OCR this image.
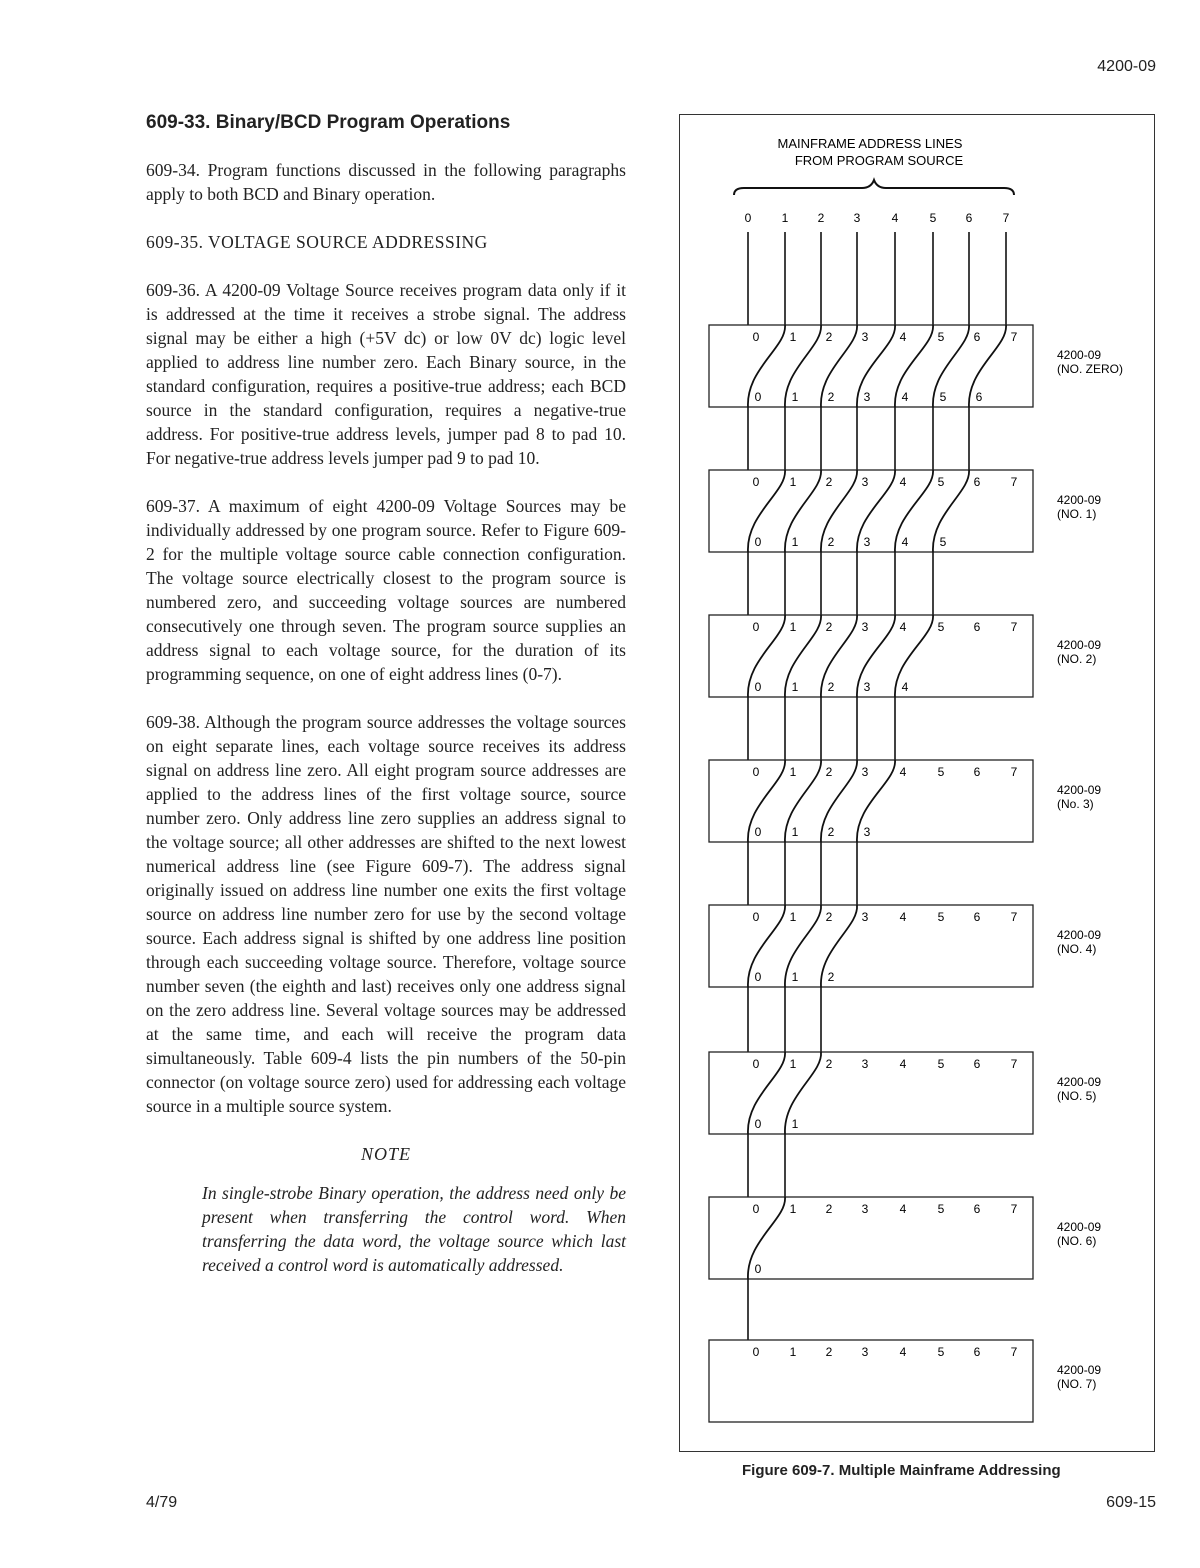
4200-09
609-33. Binary/BCD Program Operations

609-34. Program functions discussed in the following paragraphs apply to both BCD and Binary operation.

609-35. VOLTAGE SOURCE ADDRESSING

609-36. A 4200-09 Voltage Source receives program data only if it is addressed at the time it receives a strobe signal. The address signal may be either a high (+5V dc) or low 0V dc) logic level applied to address line number zero. Each Binary source, in the standard configuration, requires a positive-true address; each BCD source in the standard configuration, requires a negative-true address. For positive-true address levels, jumper pad 8 to pad 10. For negative-true address levels jumper pad 9 to pad 10.

609-37. A maximum of eight 4200-09 Voltage Sources may be individually addressed by one program source. Refer to Figure 609-2 for the multiple voltage source cable connection configuration. The voltage source electrically closest to the program source is numbered zero, and succeeding voltage sources are numbered consecutively one through seven. The program source supplies an address signal to each voltage source, for the duration of its programming sequence, on one of eight address lines (0-7).

609-38. Although the program source addresses the voltage sources on eight separate lines, each voltage source receives its address signal on address line zero. All eight program source addresses are applied to the address lines of the first voltage source, source number zero. Only address line zero supplies an address signal to the voltage source; all other addresses are shifted to the next lowest numerical address line (see Figure 609-7). The address signal originally issued on address line number one exits the first voltage source on address line number zero for use by the second voltage source. Each address signal is shifted by one address line position through each succeeding voltage source. Therefore, voltage source number seven (the eighth and last) receives only one address signal on the zero address line. Several voltage sources may be addressed at the same time, and each will receive the program data simultaneously. Table 609-4 lists the pin numbers of the 50-pin connector (on voltage source zero) used for addressing each voltage source in a multiple source system.

NOTE
In single-strobe Binary operation, the address need only be present when transferring the control word. When transferring the data word, the voltage source which last received a control word is automatically addressed.
MAINFRAME ADDRESS LINES
FROM PROGRAM SOURCE
0	1 2 3	4	5 6	7
0	1 2 3	4	5 6	7
4200-09
(NO. ZERO)
0	1 2 3	4	5 6
0	1 2 3	4	5 6	7
4200-09
(NO. 1)
0	1 2 3	4	5
0	1 2 3	4	5 6	7
4200-09
(NO. 2)
0	1 2 3	4
0	1 2 3	4	5 6	7
4200-09
(No. 3)
0	1 2 3
0	1 2 3	4	5 6	7
4200-09
(NO. 4)
0	1 2
0	1 2 3	4	5 6	7
4200-09
(NO. 5)
0	1
0	1 2 3	4	5 6	7
4200-09
(NO. 6)
0
0	1 2 3	4	5 6	7
4200-09
(NO. 7)
Figure 609-7. Multiple Mainframe Addressing
4/79	609-15
